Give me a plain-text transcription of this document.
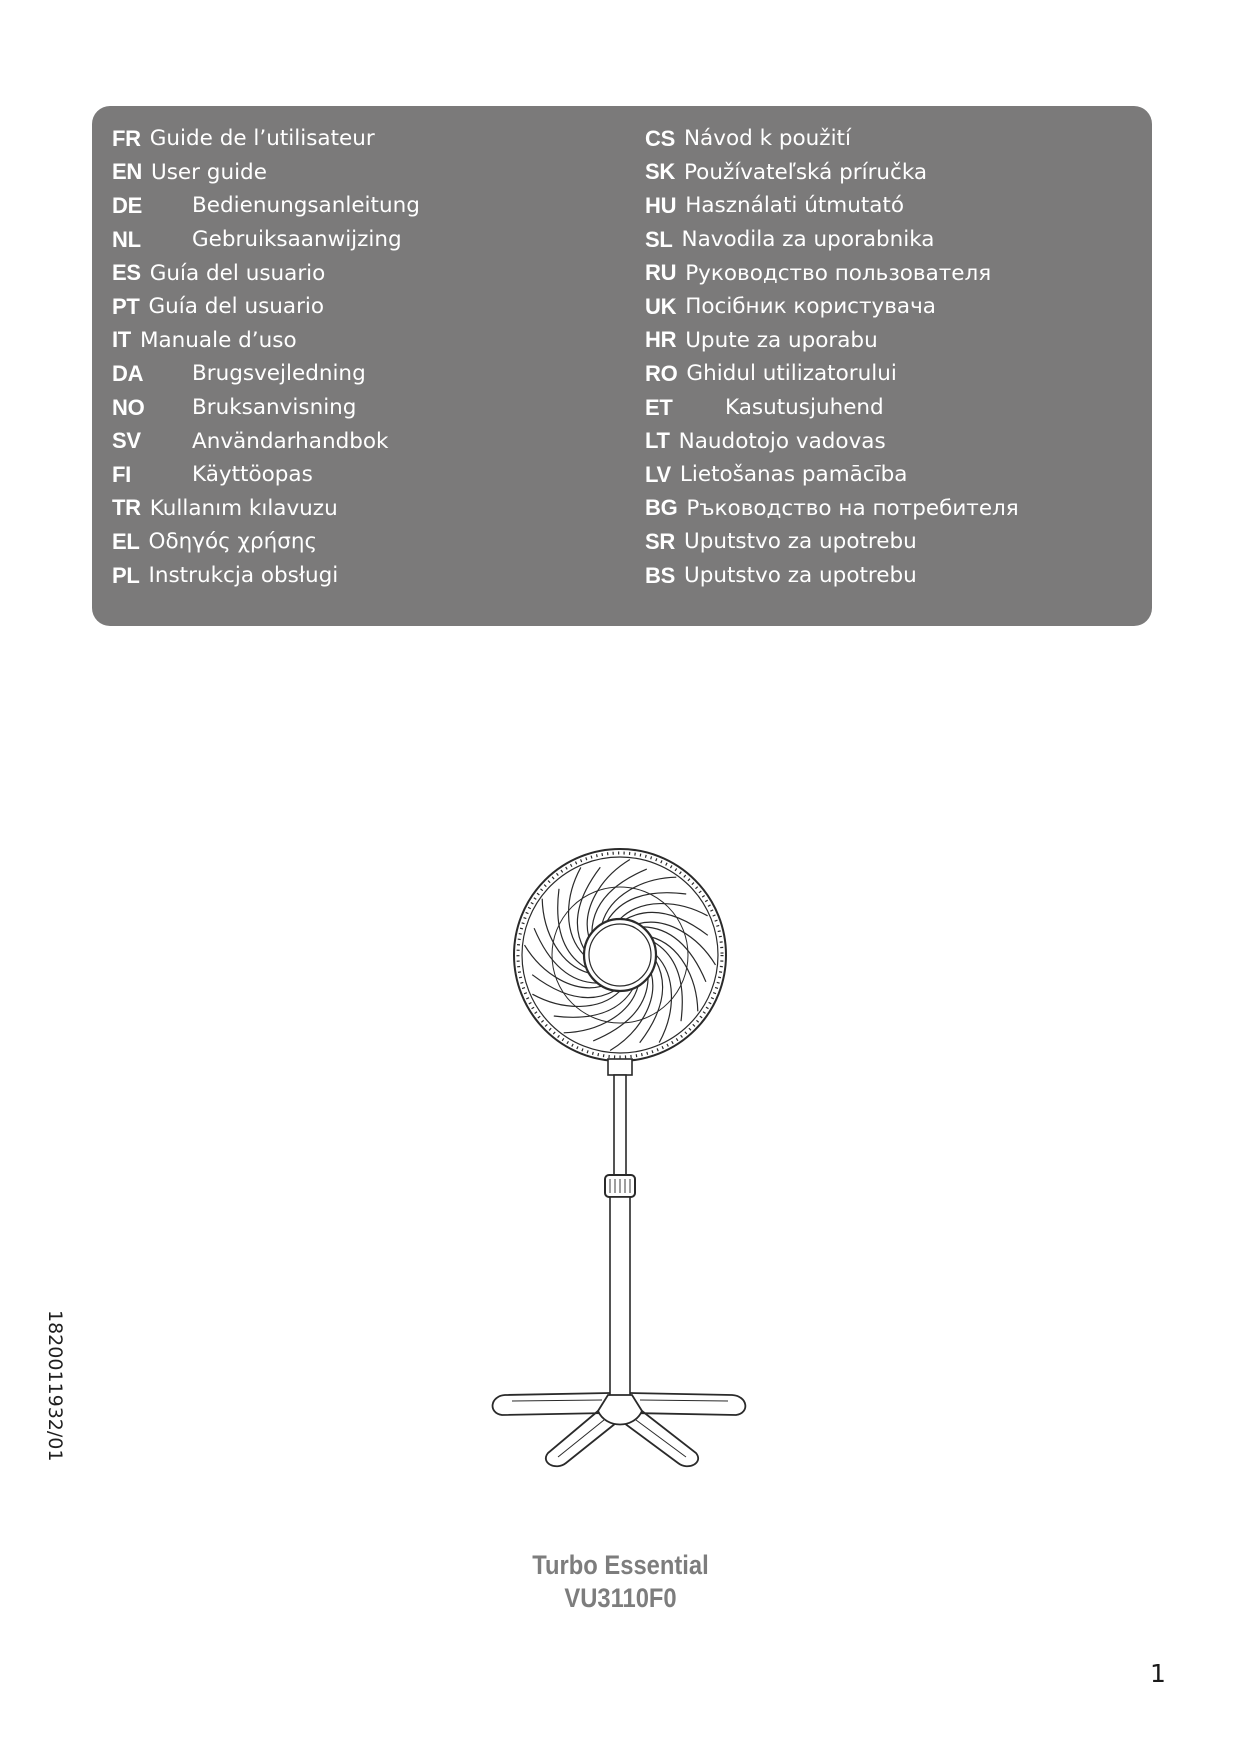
FR Guide de l’utilisateur
EN User guide
DE	Bedienungsanleitung
NL	Gebruiksaanwijzing
ES Guía del usuario
PT Guía del usuario
IT Manuale d’uso
DA	Brugsvejledning
NO	Bruksanvisning
SV	Användarhandbok
FI	Käyttöopas
TR Kullanım kılavuzu
EL Οδηγός χρήσης
PL Instrukcja obsługi
CS Návod k použití
SK Používateľská príručka
HU Használati útmutató
SL Navodila za uporabnika
RU Руководство пользователя
UK Посібник користувача
HR Upute za uporabu
RO Ghidul utilizatorului
ET	Kasutusjuhend
LT Naudotojo vadovas
LV Lietošanas pamācība
BG Ръководство на потребителя
SR Uputstvo za upotrebu
BS Uputstvo za upotrebu
1820011932/01
Turbo Essential
VU3110F0
1
